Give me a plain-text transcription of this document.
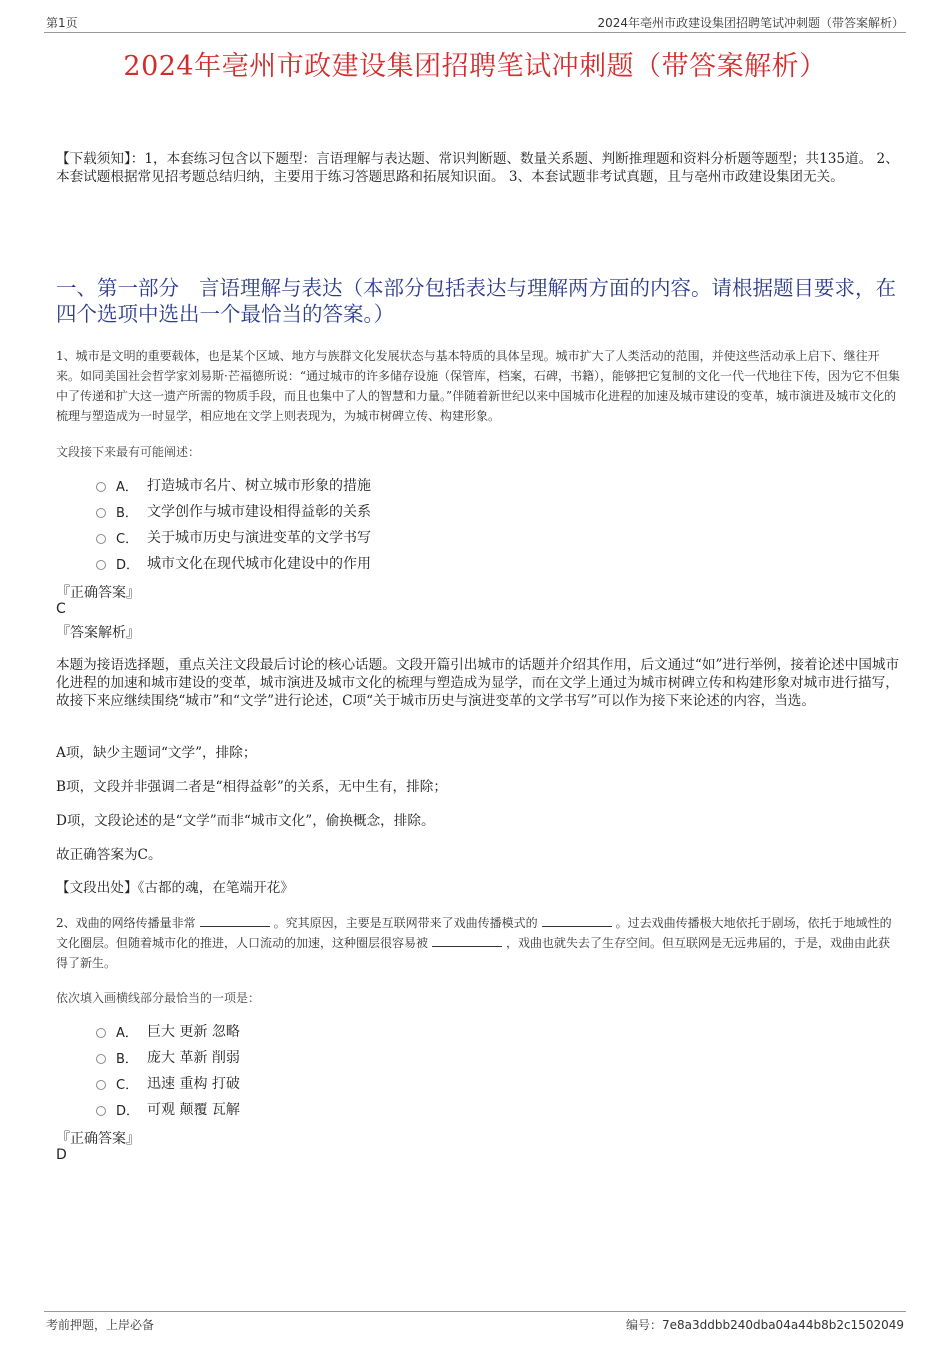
第1页	2024年亳州市政建设集团招聘笔试冲刺题（带答案解析）
2024年亳州市政建设集团招聘笔试冲刺题（带答案解析）
【下载须知】：1，本套练习包含以下题型：言语理解与表达题、常识判断题、数量关系题、判断推理题和资料分析题等题型；共135道。 2、本套试题根据常见招考题总结归纳，主要用于练习答题思路和拓展知识面。 3、本套试题非考试真题，且与亳州市政建设集团无关。
一、第一部分 言语理解与表达（本部分包括表达与理解两方面的内容。请根据题目要求，在四个选项中选出一个最恰当的答案。）
1、城市是文明的重要载体，也是某个区域、地方与族群文化发展状态与基本特质的具体呈现。城市扩大了人类活动的范围，并使这些活动承上启下、继往开来。如同美国社会哲学家刘易斯·芒福德所说：“通过城市的许多储存设施（保管库，档案，石碑，书籍），能够把它复制的文化一代一代地往下传，因为它不但集中了传递和扩大这一遗产所需的物质手段，而且也集中了人的智慧和力量。”伴随着新世纪以来中国城市化进程的加速及城市建设的变革，城市演进及城市文化的梳理与塑造成为一时显学，相应地在文学上则表现为，为城市树碑立传、构建形象。
文段接下来最有可能阐述：
A． 打造城市名片、树立城市形象的措施
B． 文学创作与城市建设相得益彰的关系
C． 关于城市历史与演进变革的文学书写
D． 城市文化在现代城市化建设中的作用
『正确答案』
C
『答案解析』
本题为接语选择题，重点关注文段最后讨论的核心话题。文段开篇引出城市的话题并介绍其作用，后文通过“如”进行举例，接着论述中国城市化进程的加速和城市建设的变革，城市演进及城市文化的梳理与塑造成为显学，而在文学上通过为城市树碑立传和构建形象对城市进行描写，故接下来应继续围绕“城市”和“文学”进行论述，C项“关于城市历史与演进变革的文学书写”可以作为接下来论述的内容，当选。
A项，缺少主题词“文学”，排除；
B项，文段并非强调二者是“相得益彰”的关系，无中生有，排除；
D项，文段论述的是“文学”而非“城市文化”，偷换概念，排除。
故正确答案为C。
【文段出处】《古都的魂，在笔端开花》
2、戏曲的网络传播量非常	。究其原因，主要是互联网带来了戏曲传播模式的	。过去戏曲传播极大地依托于剧场，依托于地域性的文化圈层。但随着城市化的推进，人口流动的加速，这种圈层很容易被	，戏曲也就失去了生存空间。但互联网是无远弗届的，于是，戏曲由此获得了新生。
依次填入画横线部分最恰当的一项是：
A． 巨大 更新 忽略
B． 庞大 革新 削弱
C． 迅速 重构 打破
D． 可观 颠覆 瓦解
『正确答案』
D
考前押题，上岸必备	编号：7e8a3ddbb240dba04a44b8b2c1502049
